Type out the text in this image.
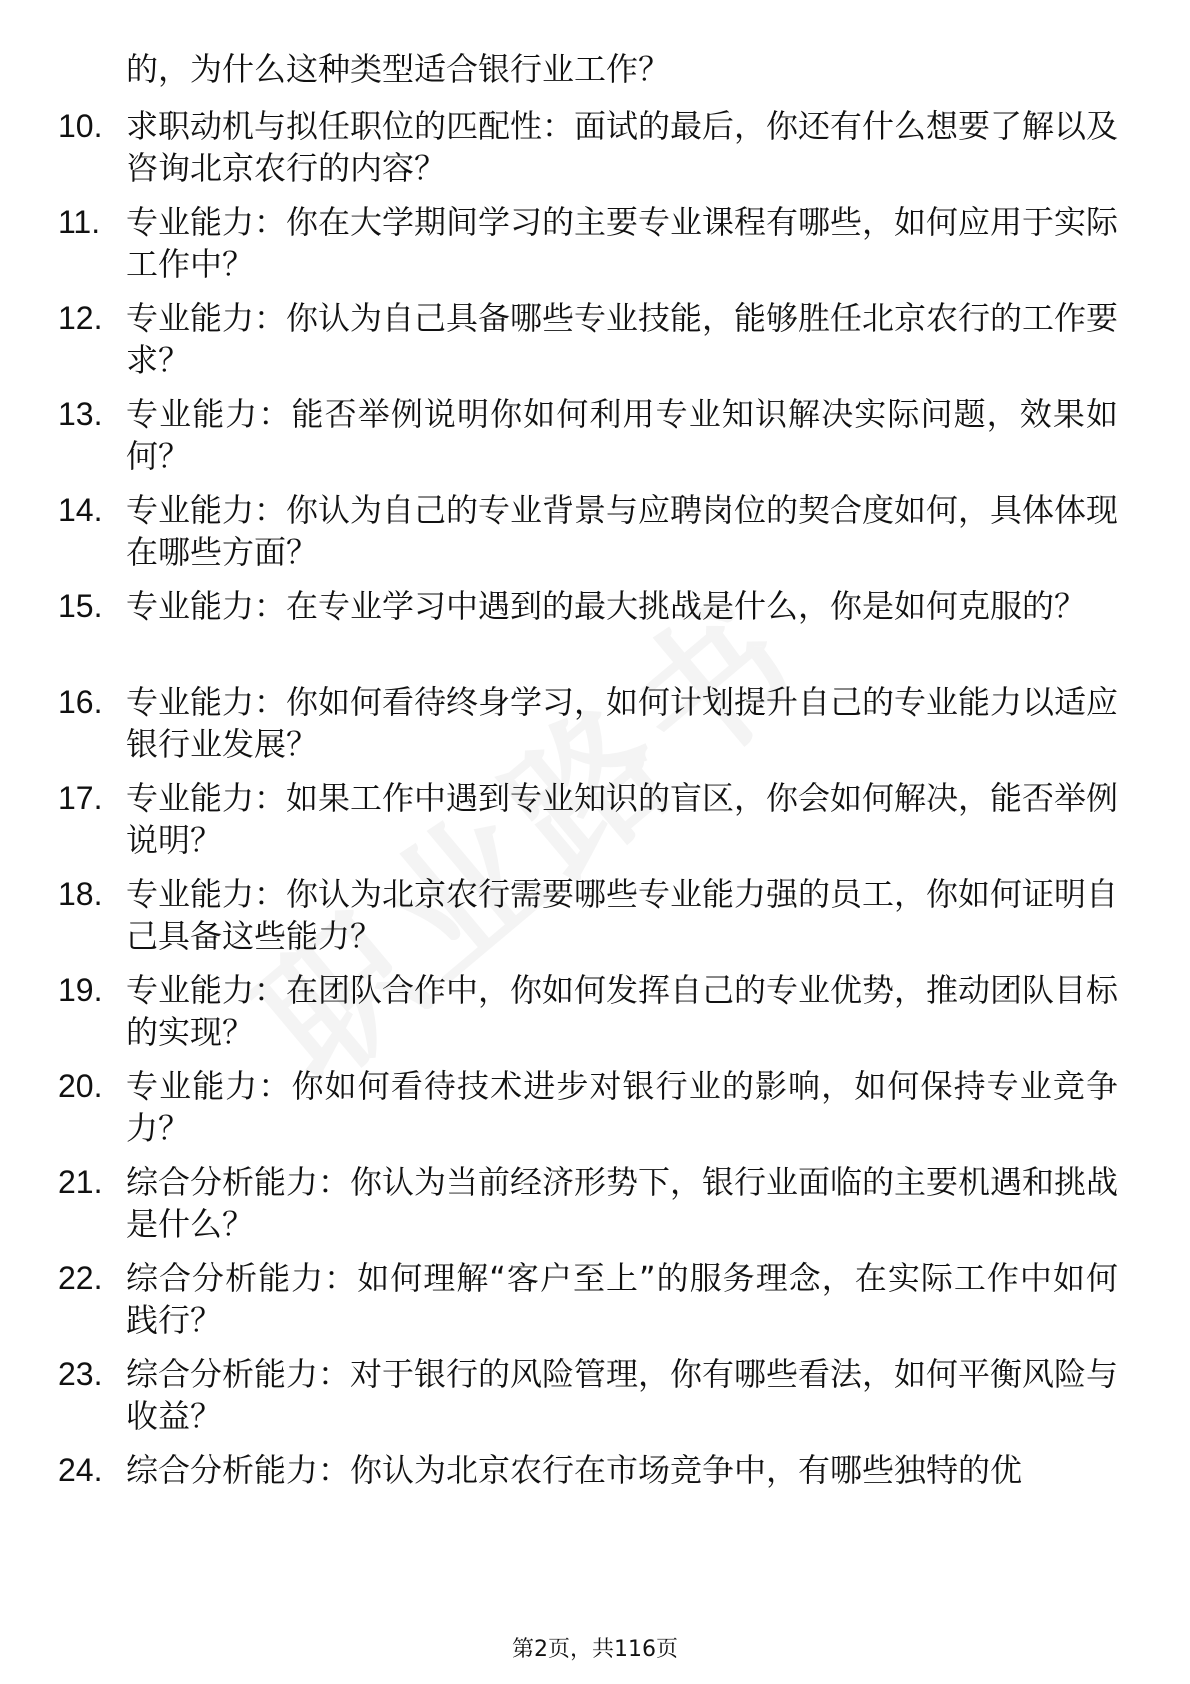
的，为什么这种类型适合银行业工作？

10. 求职动机与拟任职位的匹配性：面试的最后，你还有什么想要了解以及咨询北京农行的内容？
11. 专业能力：你在大学期间学习的主要专业课程有哪些，如何应用于实际工作中？
12. 专业能力：你认为自己具备哪些专业技能，能够胜任北京农行的工作要求？
13. 专业能力：能否举例说明你如何利用专业知识解决实际问题，效果如何？
14. 专业能力：你认为自己的专业背景与应聘岗位的契合度如何，具体体现在哪些方面？
15. 专业能力：在专业学习中遇到的最大挑战是什么，你是如何克服的？
16. 专业能力：你如何看待终身学习，如何计划提升自己的专业能力以适应银行业发展？
17. 专业能力：如果工作中遇到专业知识的盲区，你会如何解决，能否举例说明？
18. 专业能力：你认为北京农行需要哪些专业能力强的员工，你如何证明自己具备这些能力？
19. 专业能力：在团队合作中，你如何发挥自己的专业优势，推动团队目标的实现？
20. 专业能力：你如何看待技术进步对银行业的影响，如何保持专业竞争力？
21. 综合分析能力：你认为当前经济形势下，银行业面临的主要机遇和挑战是什么？
22. 综合分析能力：如何理解“客户至上”的服务理念，在实际工作中如何践行？
23. 综合分析能力：对于银行的风险管理，你有哪些看法，如何平衡风险与收益？
24. 综合分析能力：你认为北京农行在市场竞争中，有哪些独特的优
第2页，共116页
